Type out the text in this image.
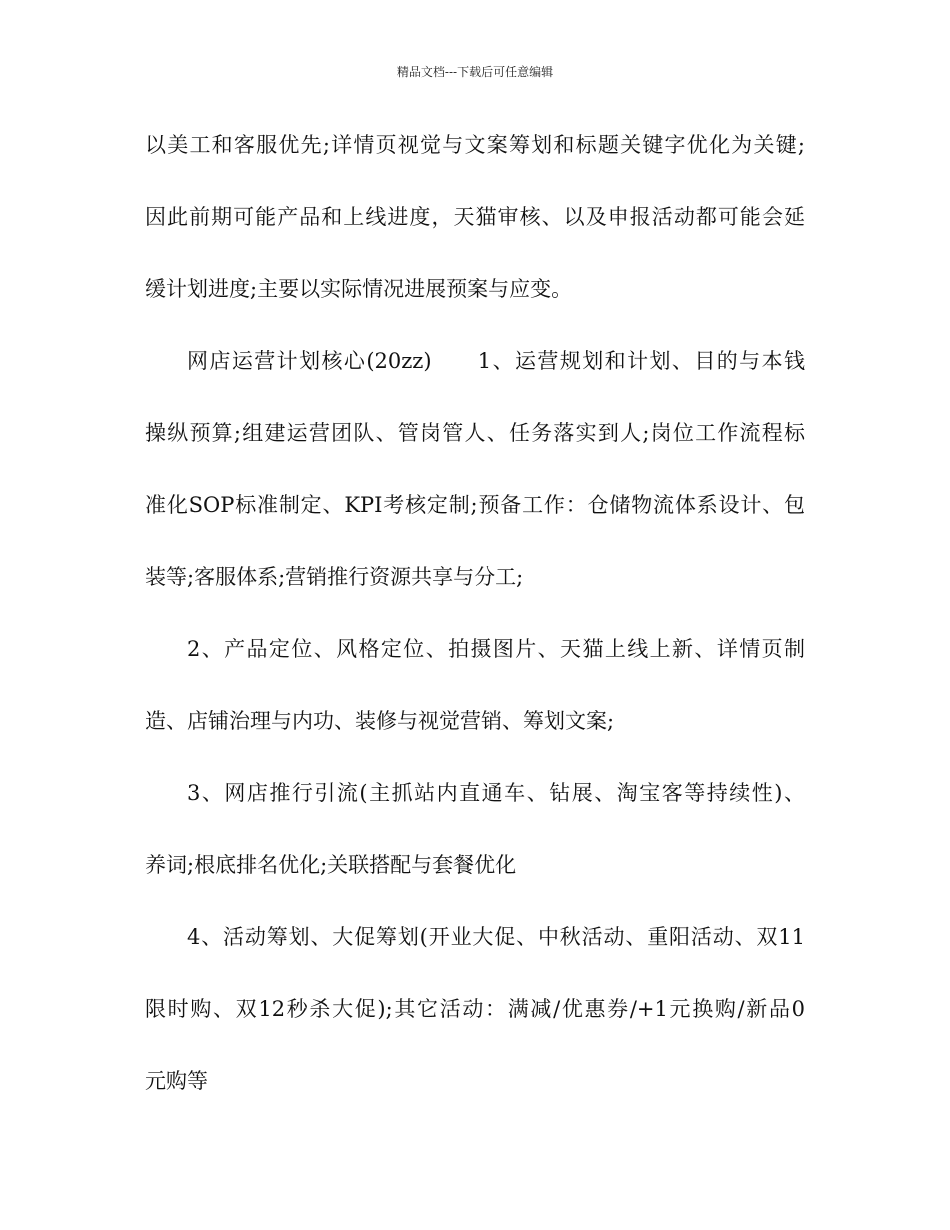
精品文档---下载后可任意编辑
以美工和客服优先;详情页视觉与文案筹划和标题关键字优化为关键;
因此前期可能产品和上线进度，天猫审核、以及申报活动都可能会延
缓计划进度;主要以实际情况进展预案与应变。
网店运营计划核心(20zz)　　1、运营规划和计划、目的与本钱
操纵预算;组建运营团队、管岗管人、任务落实到人;岗位工作流程标
准化SOP标准制定、KPI考核定制;预备工作：仓储物流体系设计、包
装等;客服体系;营销推行资源共享与分工;
2、产品定位、风格定位、拍摄图片、天猫上线上新、详情页制
造、店铺治理与内功、装修与视觉营销、筹划文案;
3、网店推行引流(主抓站内直通车、钻展、淘宝客等持续性)、
养词;根底排名优化;关联搭配与套餐优化
4、活动筹划、大促筹划(开业大促、中秋活动、重阳活动、双11
限时购、双12秒杀大促);其它活动：满减/优惠券/+1元换购/新品0
元购等
